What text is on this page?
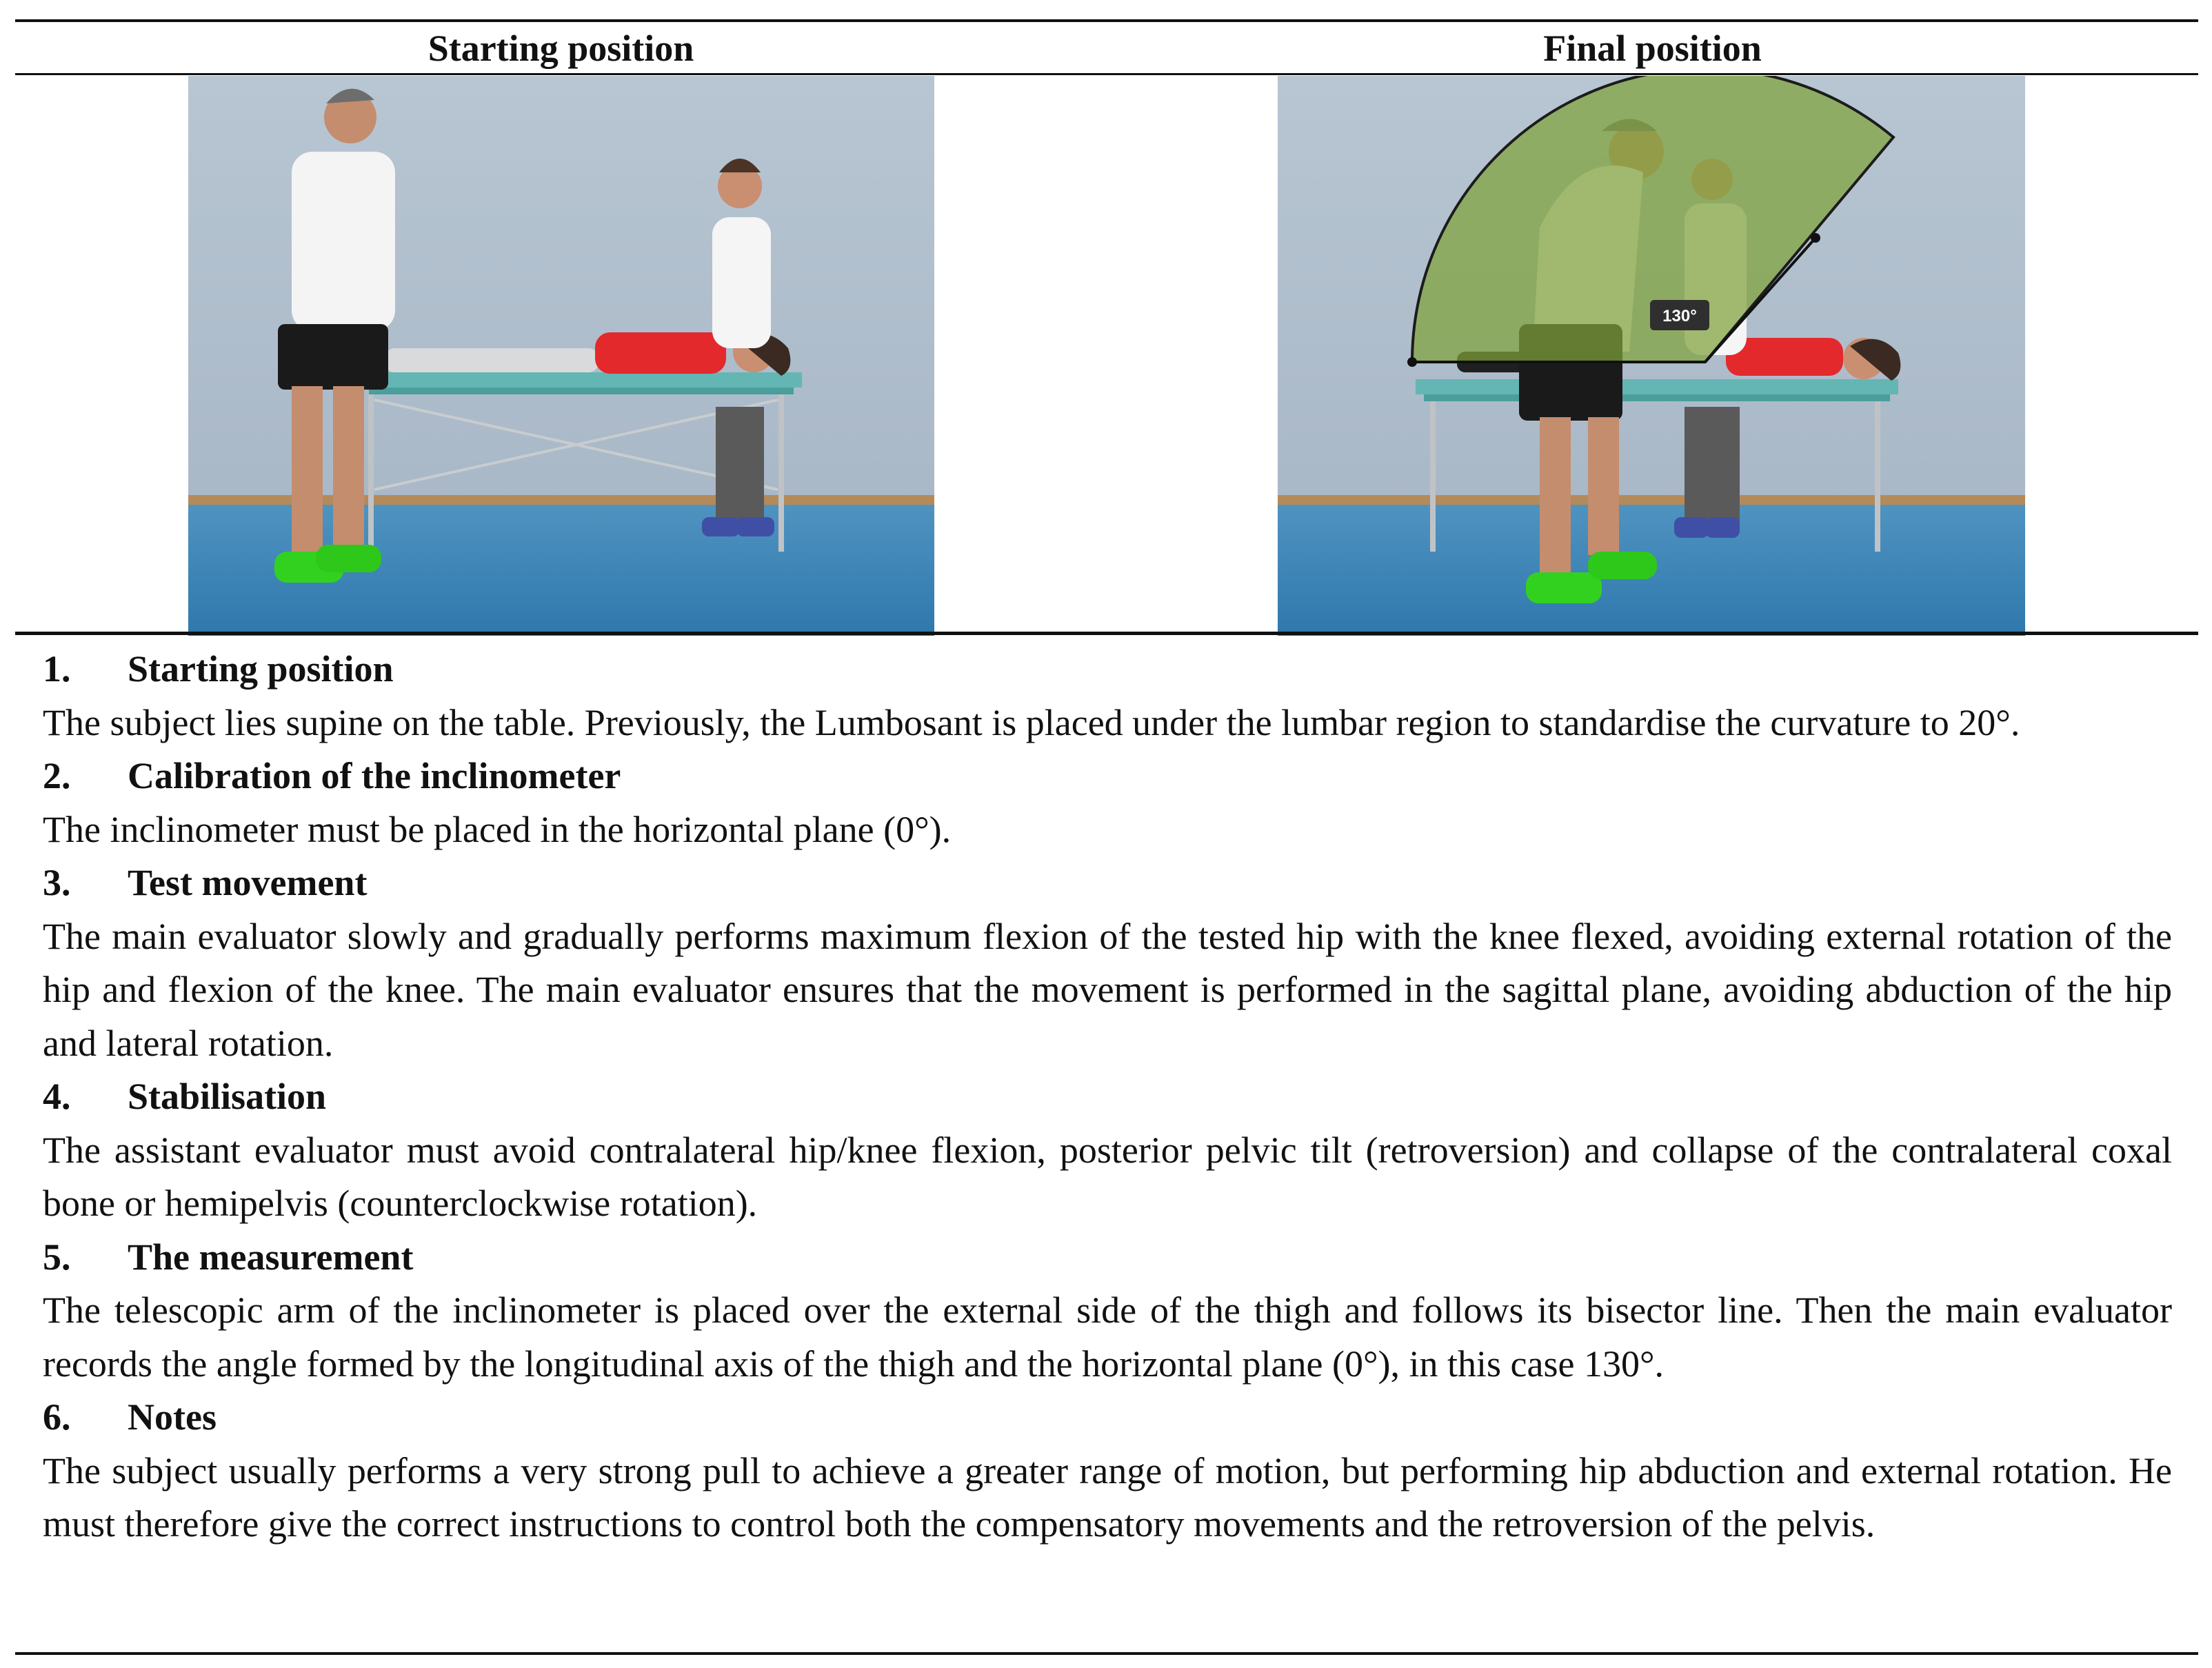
Starting position	Final position
130°
1.	Starting position
The subject lies supine on the table. Previously, the Lumbosant is placed under the lumbar region to standardise the curvature to 20°.
2.	Calibration of the inclinometer
The inclinometer must be placed in the horizontal plane (0°).
3.	Test movement
The main evaluator slowly and gradually performs maximum flexion of the tested hip with the knee flexed, avoiding external rotation of the hip and flexion of the knee. The main evaluator ensures that the movement is performed in the sagittal plane, avoiding abduction of the hip and lateral rotation.
4.	Stabilisation
The assistant evaluator must avoid contralateral hip/knee flexion, posterior pelvic tilt (retroversion) and collapse of the contralateral coxal bone or hemipelvis (counterclockwise rotation).
5.	The measurement
The telescopic arm of the inclinometer is placed over the external side of the thigh and follows its bisector line. Then the main evaluator records the angle formed by the longitudinal axis of the thigh and the horizontal plane (0°), in this case 130°.
6.	Notes
The subject usually performs a very strong pull to achieve a greater range of motion, but performing hip abduction and external rotation. He must therefore give the correct instructions to control both the compensatory movements and the retroversion of the pelvis.
